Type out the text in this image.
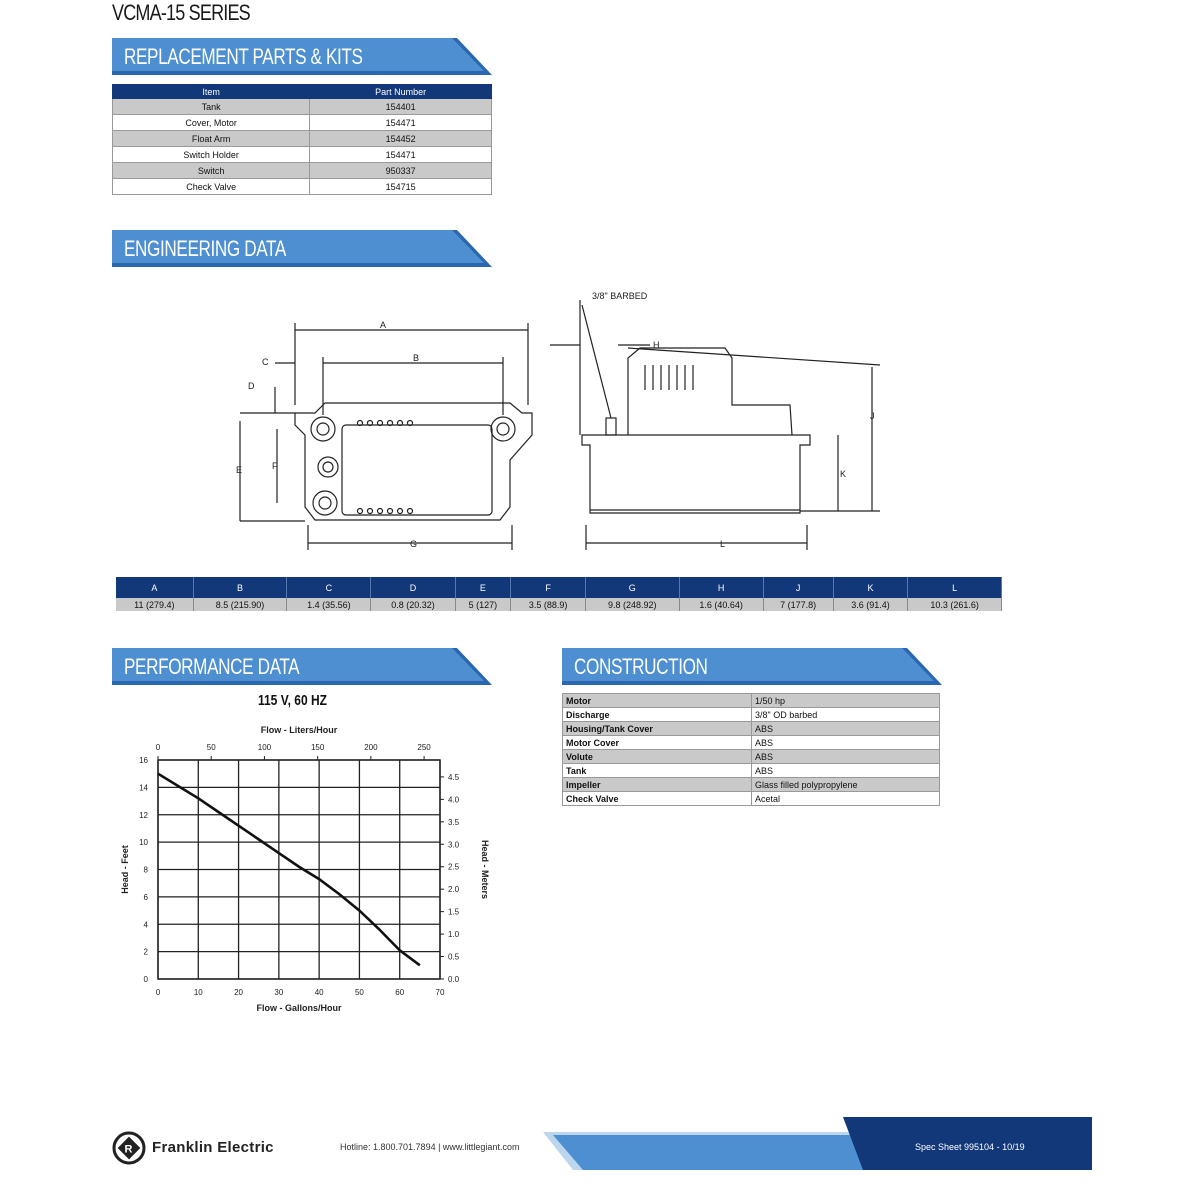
VCMA-15 SERIES
REPLACEMENT PARTS & KITS
Item	Part Number
Tank	154401
Cover, Motor	154471
Float Arm	154452
Switch Holder	154471
Switch	950337
Check Valve	154715
ENGINEERING DATA
A
B
C
D
E	F
G
H
J
K
L
3/8" BARBED
A	B	C	D	E	F	G	H	J	K	L
11 (279.4)	8.5 (215.90)	1.4 (35.56)	0.8 (20.32)	5 (127)	3.5 (88.9)	9.8 (248.92)	1.6 (40.64)	7 (177.8)	3.6 (91.4)	10.3 (261.6)
PERFORMANCE DATA	CONSTRUCTION
115 V, 60 HZ
0	10	20	30	40	50	60	70
0
2
4
6
8
10
12
14
16
0	50	100	150	200	250
0.0
0.5
1.0
1.5
2.0
2.5
3.0
3.5
4.0
4.5
Flow - Liters/Hour
Flow - Gallons/Hour
Head - Feet	Head - Meters
Motor	1/50 hp
Discharge	3/8" OD barbed
Housing/Tank Cover	ABS
Motor Cover	ABS
Volute	ABS
Tank	ABS
Impeller	Glass filled polypropylene
Check Valve	Acetal
R Franklin Electric	Hotline: 1.800.701.7894 | www.littlegiant.com	Spec Sheet 995104 - 10/19
